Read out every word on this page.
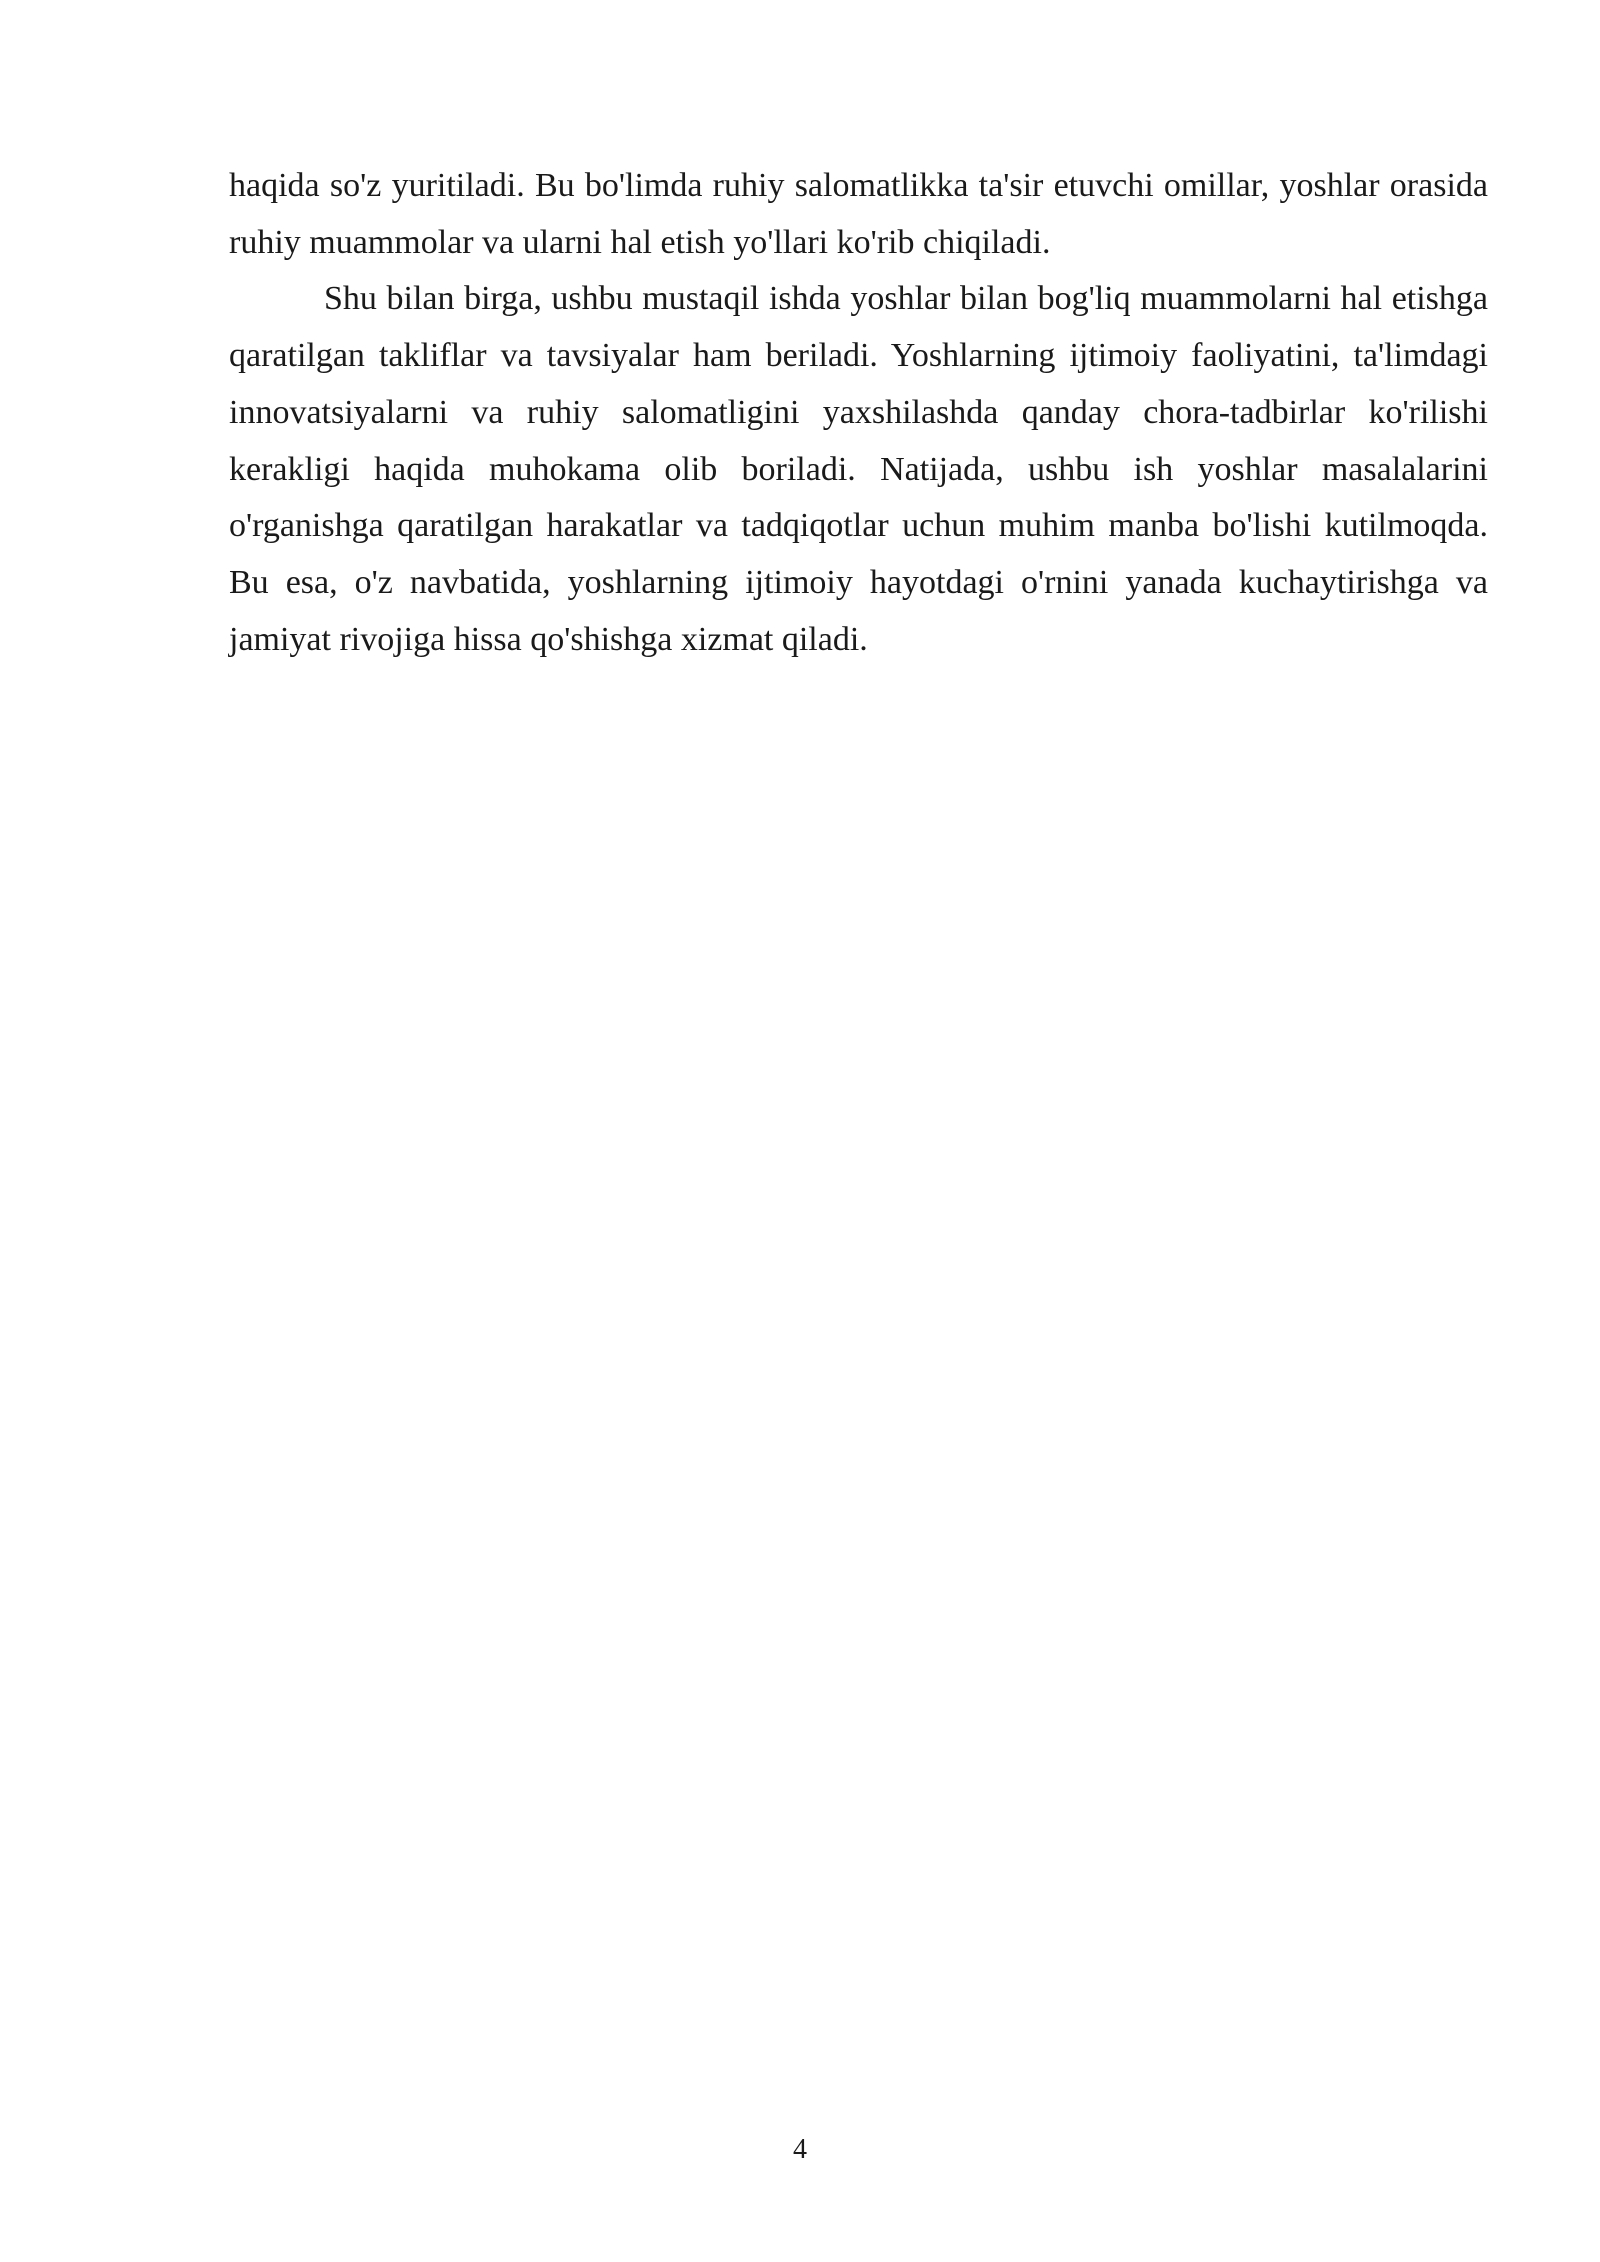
haqida so'z yuritiladi. Bu bo'limda ruhiy salomatlikka ta'sir etuvchi omillar, yoshlar orasida ruhiy muammolar va ularni hal etish yo'llari ko'rib chiqiladi.

Shu bilan birga, ushbu mustaqil ishda yoshlar bilan bog'liq muammolarni hal etishga qaratilgan takliflar va tavsiyalar ham beriladi. Yoshlarning ijtimoiy faoliyatini, ta'limdagi innovatsiyalarni va ruhiy salomatligini yaxshilashda qanday chora-tadbirlar ko'rilishi kerakligi haqida muhokama olib boriladi. Natijada, ushbu ish yoshlar masalalarini o'rganishga qaratilgan harakatlar va tadqiqotlar uchun muhim manba bo'lishi kutilmoqda. Bu esa, o'z navbatida, yoshlarning ijtimoiy hayotdagi o'rnini yanada kuchaytirishga va jamiyat rivojiga hissa qo'shishga xizmat qiladi.

4
